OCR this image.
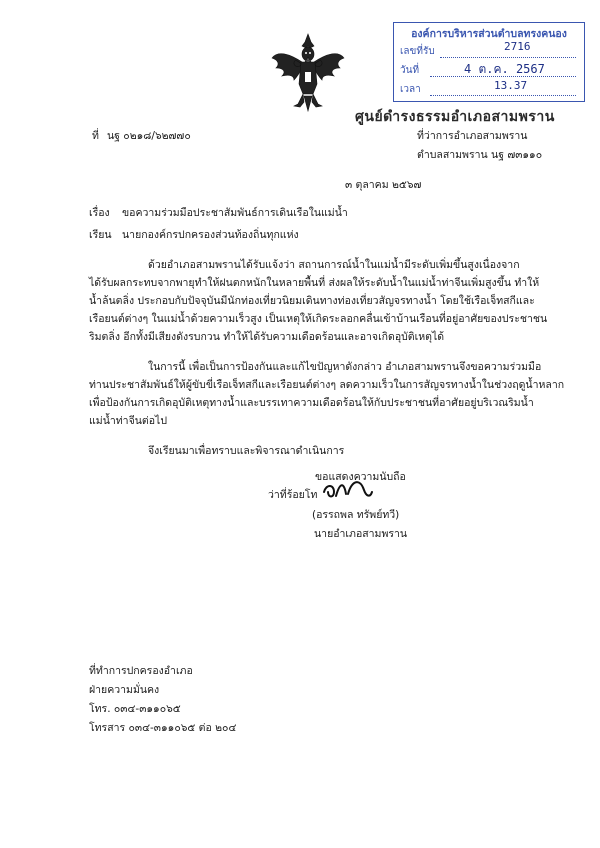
องค์การบริหารส่วนตำบลทรงคนอง
เลขที่รับ	2716
วันที่	4 ต.ค. 2567
เวลา	13.37
ศูนย์ดำรงธรรมอำเภอสามพราน
ที่ นฐ ๐๒๑๘/๖๒๗๗๐	ที่ว่าการอำเภอสามพราน
ตำบลสามพราน นฐ ๗๓๑๑๐
๓ ตุลาคม ๒๕๖๗
เรื่อง ขอความร่วมมือประชาสัมพันธ์การเดินเรือในแม่น้ำ
เรียน นายกองค์กรปกครองส่วนท้องถิ่นทุกแห่ง
ด้วยอำเภอสามพรานได้รับแจ้งว่า สถานการณ์น้ำในแม่น้ำมีระดับเพิ่มขึ้นสูงเนื่องจาก
ได้รับผลกระทบจากพายุทำให้ฝนตกหนักในหลายพื้นที่ ส่งผลให้ระดับน้ำในแม่น้ำท่าจีนเพิ่มสูงขึ้น ทำให้
น้ำล้นตลิ่ง ประกอบกับปัจจุบันมีนักท่องเที่ยวนิยมเดินทางท่องเที่ยวสัญจรทางน้ำ โดยใช้เรือเจ็ทสกีและ
เรือยนต์ต่างๆ ในแม่น้ำด้วยความเร็วสูง เป็นเหตุให้เกิดระลอกคลื่นเข้าบ้านเรือนที่อยู่อาศัยของประชาชน
ริมตลิ่ง อีกทั้งมีเสียงดังรบกวน ทำให้ได้รับความเดือดร้อนและอาจเกิดอุบัติเหตุได้
ในการนี้ เพื่อเป็นการป้องกันและแก้ไขปัญหาดังกล่าว อำเภอสามพรานจึงขอความร่วมมือ
ท่านประชาสัมพันธ์ให้ผู้ขับขี่เรือเจ็ทสกีและเรือยนต์ต่างๆ ลดความเร็วในการสัญจรทางน้ำในช่วงฤดูน้ำหลาก
เพื่อป้องกันการเกิดอุบัติเหตุทางน้ำและบรรเทาความเดือดร้อนให้กับประชาชนที่อาศัยอยู่บริเวณริมน้ำ
แม่น้ำท่าจีนต่อไป
จึงเรียนมาเพื่อทราบและพิจารณาดำเนินการ
ขอแสดงความนับถือ
ว่าที่ร้อยโท
(อรรถพล ทรัพย์ทวี)
นายอำเภอสามพราน
ที่ทำการปกครองอำเภอ
ฝ่ายความมั่นคง
โทร. ๐๓๔-๓๑๑๐๖๕
โทรสาร ๐๓๔-๓๑๑๐๖๕ ต่อ ๒๐๔
